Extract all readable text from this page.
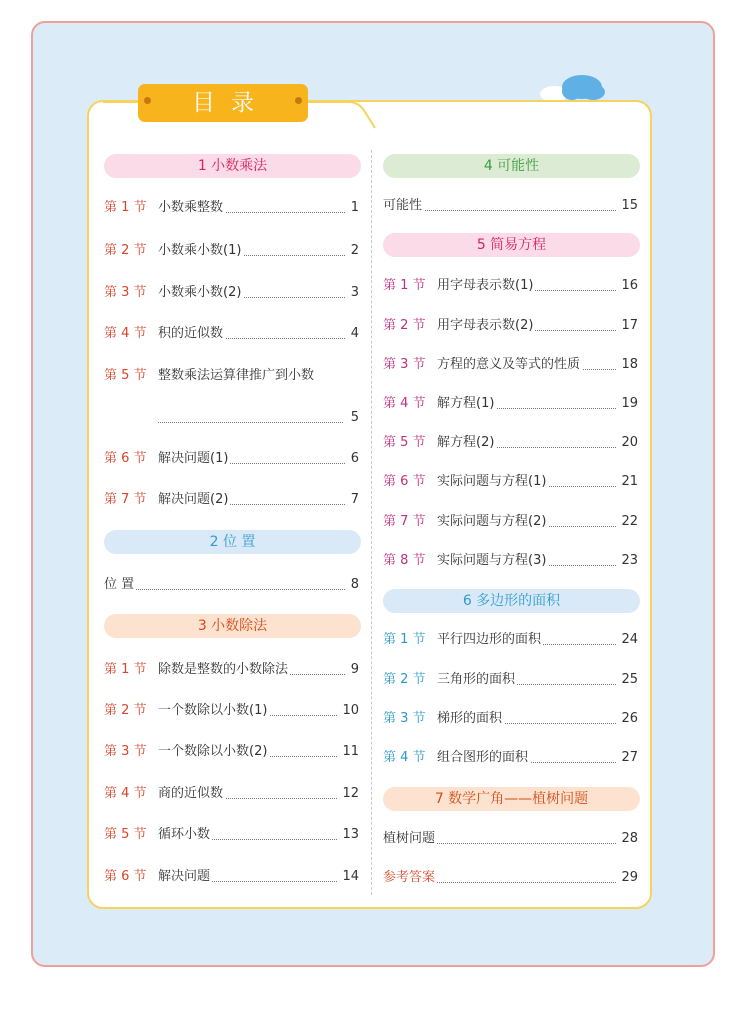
目录
1 小数乘法
第 1 节 小数乘整数	1
第 2 节 小数乘小数(1)	2
第 3 节 小数乘小数(2)	3
第 4 节 积的近似数	4
第 5 节 整数乘法运算律推广到小数
5
第 6 节 解决问题(1)	6
第 7 节 解决问题(2)	7
2 位 置
位 置	8
3 小数除法
第 1 节 除数是整数的小数除法	9
第 2 节 一个数除以小数(1)	10
第 3 节 一个数除以小数(2)	11
第 4 节 商的近似数	12
第 5 节 循环小数	13
第 6 节 解决问题	14
4 可能性
可能性	15
5 简易方程
第 1 节 用字母表示数(1)	16
第 2 节 用字母表示数(2)	17
第 3 节 方程的意义及等式的性质	18
第 4 节 解方程(1)	19
第 5 节 解方程(2)	20
第 6 节 实际问题与方程(1)	21
第 7 节 实际问题与方程(2)	22
第 8 节 实际问题与方程(3)	23
6 多边形的面积
第 1 节 平行四边形的面积	24
第 2 节 三角形的面积	25
第 3 节 梯形的面积	26
第 4 节 组合图形的面积	27
7 数学广角——植树问题
植树问题	28
参考答案	29
